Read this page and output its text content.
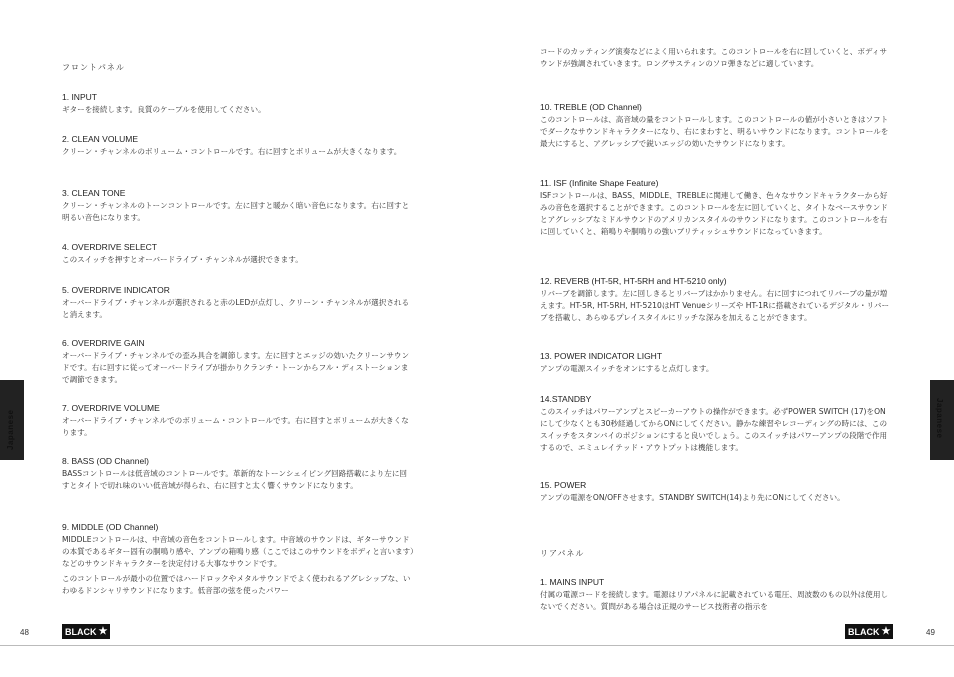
フロントパネル

1. INPUT

ギターを接続します。良質のケーブルを使用してください。

2. CLEAN VOLUME

クリーン・チャンネルのボリューム・コントロールです。右に回すとボリュームが大きくなります。

3. CLEAN TONE

クリーン・チャンネルのトーンコントロールです。左に回すと暖かく暗い音色になります。右に回すと明るい音色になります。

4. OVERDRIVE SELECT

このスイッチを押すとオーバードライブ・チャンネルが選択できます。

5. OVERDRIVE INDICATOR

オーバードライブ・チャンネルが選択されると赤のLEDが点灯し、クリーン・チャンネルが選択されると消えます。

6. OVERDRIVE GAIN

オーバードライブ・チャンネルでの歪み具合を調節します。左に回すとエッジの効いたクリーンサウンドです。右に回すに従ってオーバードライブが掛かりクランチ・トーンからフル・ディストーションまで調節できます。

7. OVERDRIVE VOLUME

オーバードライブ・チャンネルでのボリューム・コントロールです。右に回すとボリュームが大きくなります。

8. BASS (OD Channel)

BASSコントロールは低音域のコントロールです。革新的なトーンシェイピング回路搭載により左に回すとタイトで切れ味のいい低音域が得られ、右に回すと太く響くサウンドになります。

9. MIDDLE (OD Channel)

MIDDLEコントロールは、中音域の音色をコントロールします。中音域のサウンドは、ギターサウンドの本質であるギター固有の胴鳴り感や、アンプの箱鳴り感（ここではこのサウンドをボディと言います）などのサウンドキャラクターを決定付ける大事なサウンドです。

このコントロールが最小の位置ではハードロックやメタルサウンドでよく使われるアグレシッブな、いわゆるドンシャリサウンドになります。低音部の弦を使ったパワー

Japanese
48	BLACK ★

コードのカッティング演奏などによく用いられます。このコントロールを右に回していくと、ボディサウンドが強調されていきます。ロングサスティンのソロ弾きなどに適しています。

10. TREBLE (OD Channel)

このコントロールは、高音域の量をコントロールします。このコントロールの値が小さいときはソフトでダークなサウンドキャラクターになり、右にまわすと、明るいサウンドになります。コントロールを最大にすると、アグレッシブで鋭いエッジの効いたサウンドになります。

11. ISF (Infinite Shape Feature)

ISFコントロールは、BASS、MIDDLE、TREBLEに関連して働き、色々なサウンドキャラクターから好みの音色を選択することができます。このコントロールを左に回していくと、タイトなベースサウンドとアグレッシブなミドルサウンドのアメリカンスタイルのサウンドになります。このコントロールを右に回していくと、箱鳴りや胴鳴りの強いブリティッシュサウンドになっていきます。

12. REVERB (HT-5R, HT-5RH and HT-5210 only)

リバーブを調節します。左に回しきるとリバーブはかかりません。右に回すにつれてリバーブの量が増えます。HT-5R, HT-5RH, HT-5210はHT Venueシリーズや HT-1Rに搭載されているデジタル・リバーブを搭載し、あらゆるプレイスタイルにリッチな深みを加えることができます。

13. POWER INDICATOR LIGHT

アンプの電源スイッチをオンにすると点灯します。

14.STANDBY

このスイッチはパワーアンプとスピーカーアウトの操作ができます。必ずPOWER SWITCH (17)をONにして少なくとも30秒経過してからONにしてください。静かな練習やレコーディングの時には、このスイッチをスタンバイのポジションにすると良いでしょう。このスイッチはパワーアンプの段階で作用するので、エミュレイテッド・アウトプットは機能します。

15. POWER

アンプの電源をON/OFFさせます。STANDBY SWITCH(14)より先にONにしてください。

リアパネル

1. MAINS INPUT

付属の電源コードを接続します。電源はリアパネルに記載されている電圧、周波数のもの以外は使用しないでください。質問がある場合は正規のサービス技術者の指示を

Japanese
49
BLACK ★
